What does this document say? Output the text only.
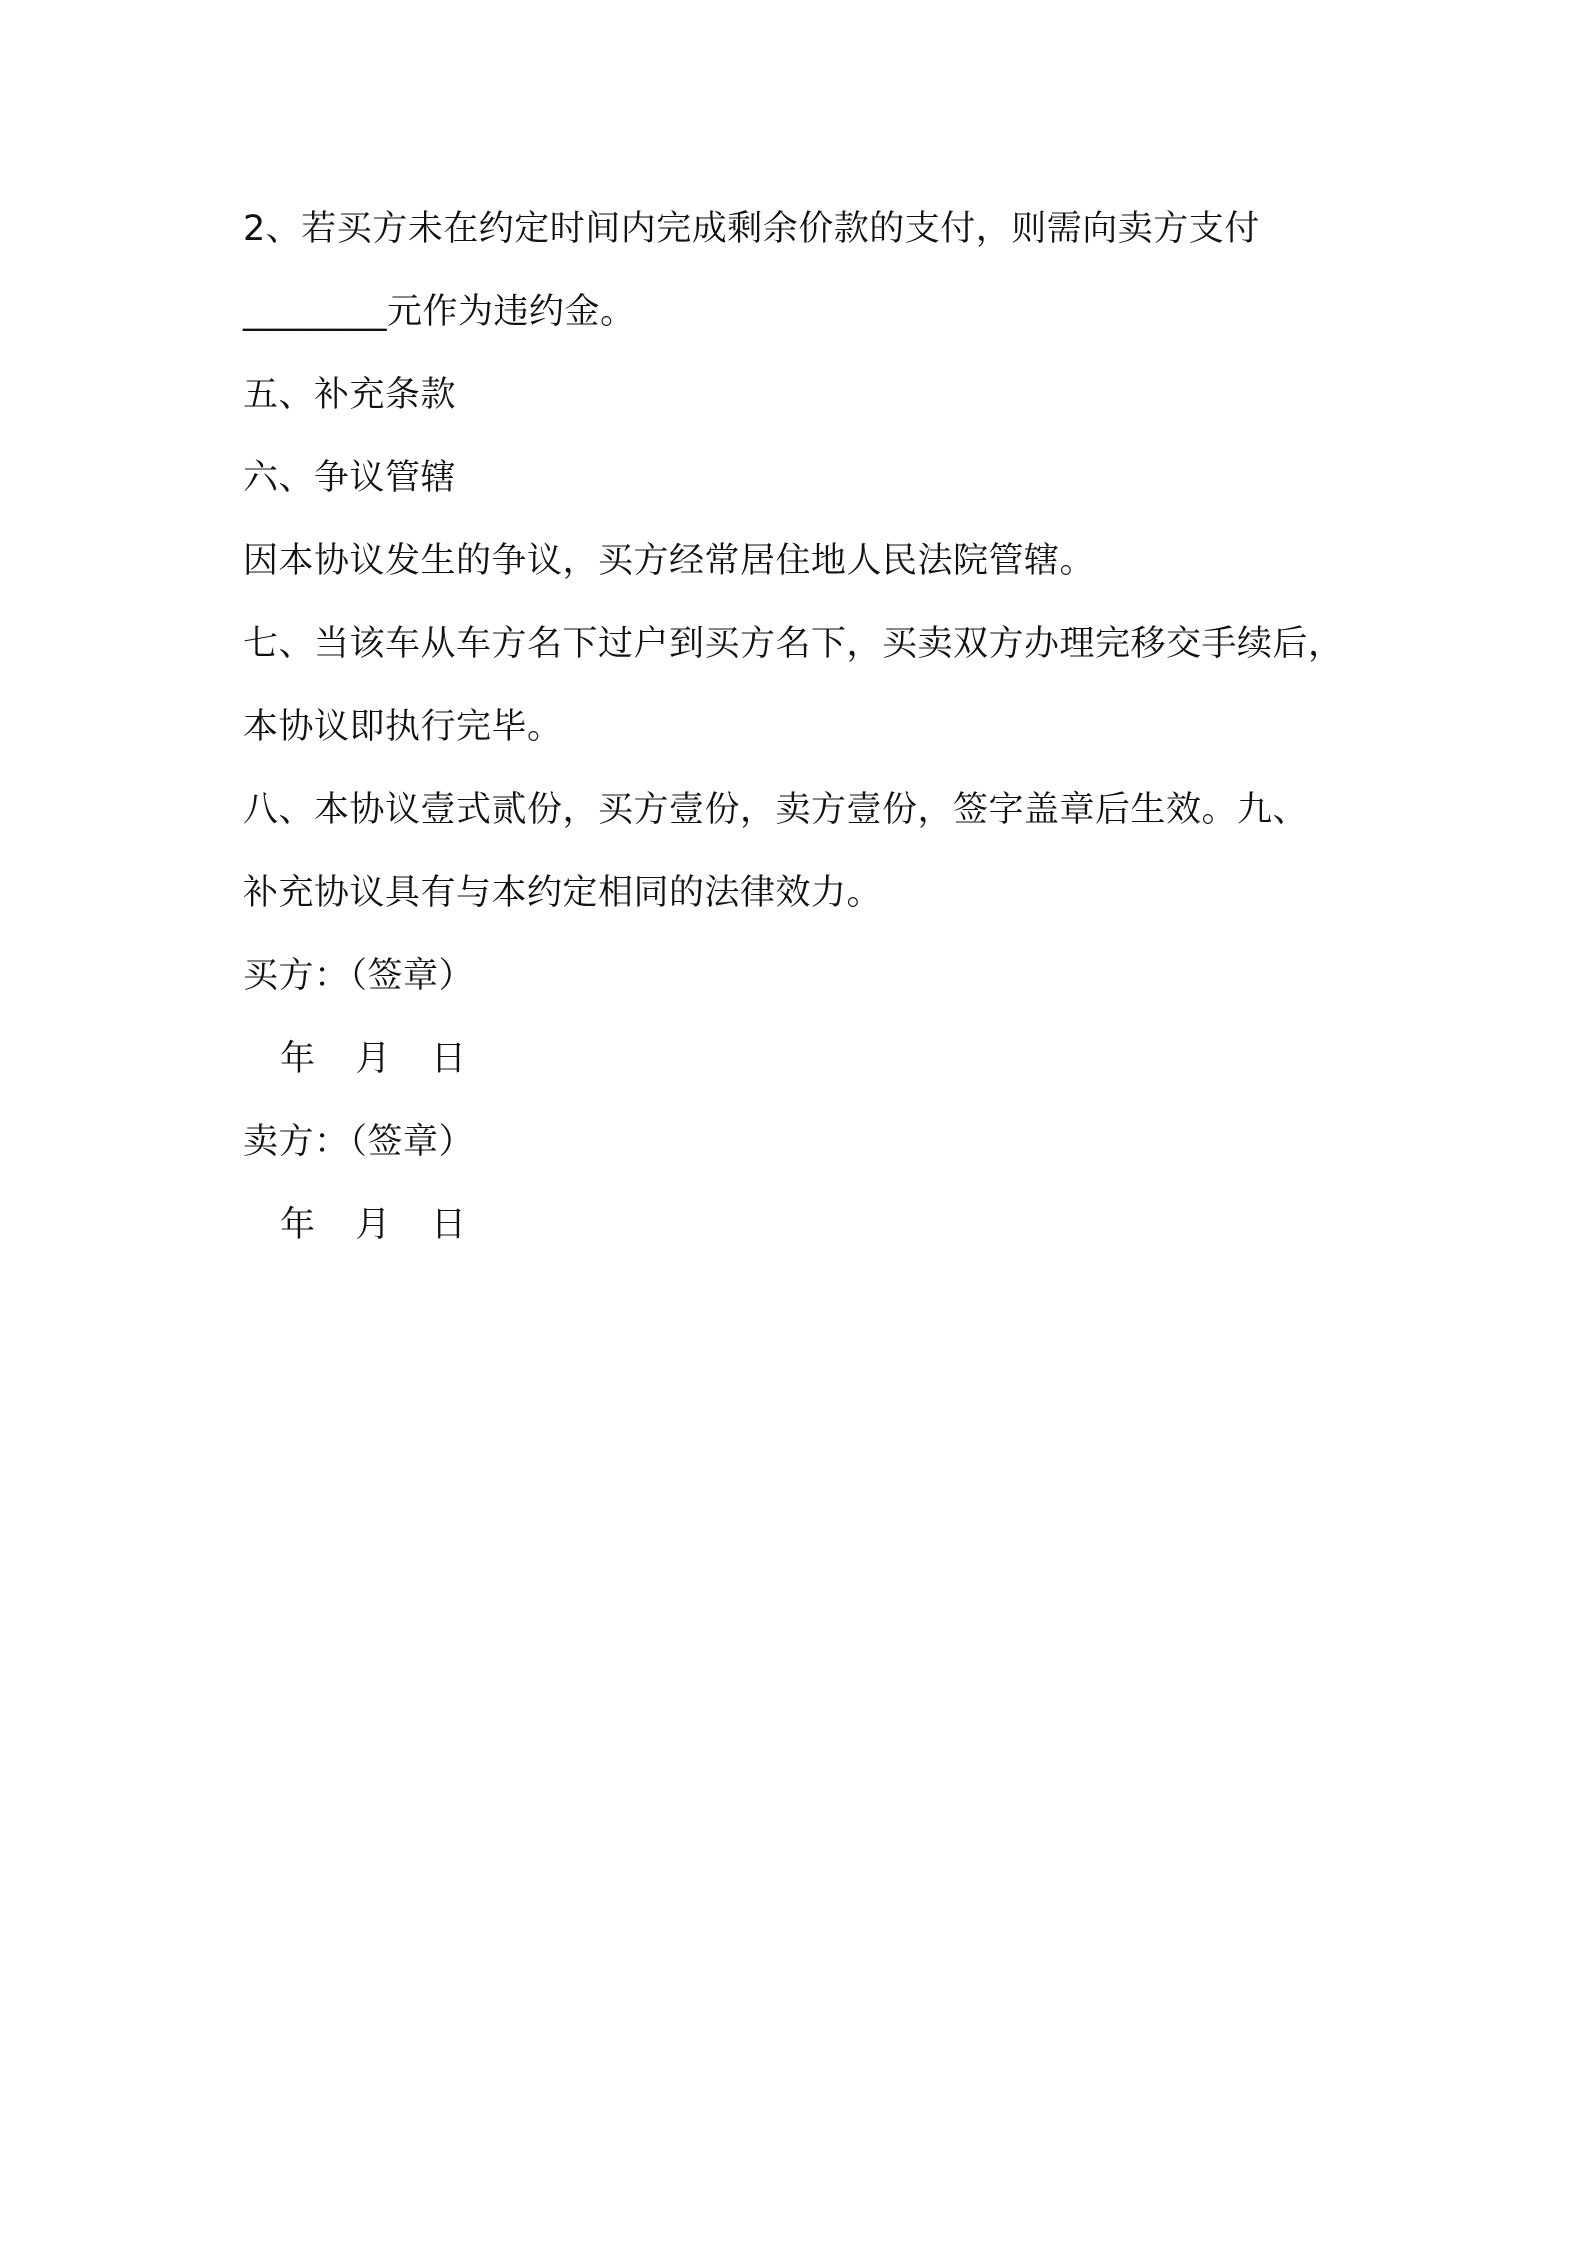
2、若买方未在约定时间内完成剩余价款的支付，则需向卖方支付
________元作为违约金。
五、补充条款
六、争议管辖
因本协议发生的争议，买方经常居住地人民法院管辖。
七、当该车从车方名下过户到买方名下，买卖双方办理完移交手续后，
本协议即执行完毕。
八、本协议壹式贰份，买方壹份，卖方壹份，签字盖章后生效。九、
补充协议具有与本约定相同的法律效力。
买方：（签章）
年 月 日
卖方：（签章）
年 月 日
